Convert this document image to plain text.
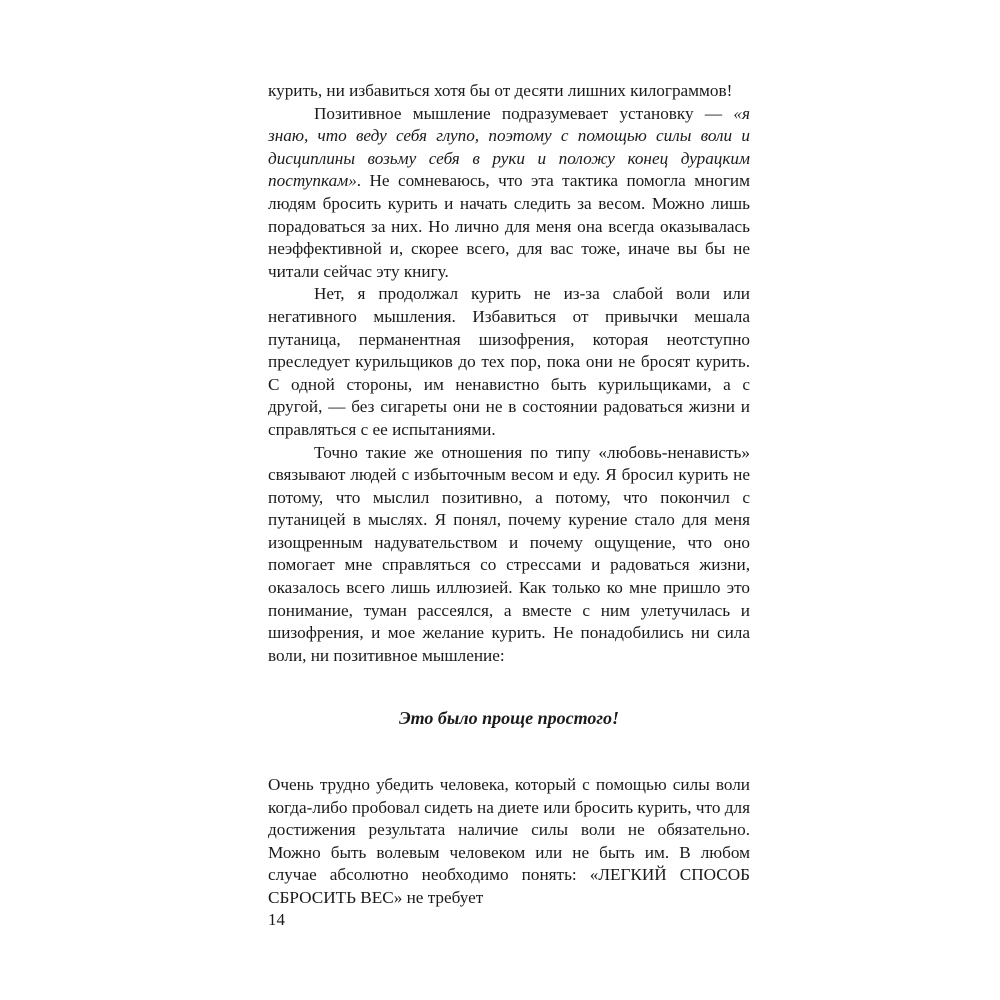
курить, ни избавиться хотя бы от десяти лишних килограммов!

Позитивное мышление подразумевает установку — «я знаю, что веду себя глупо, поэтому с помощью силы воли и дисциплины возьму себя в руки и положу конец дурацким поступкам». Не сомневаюсь, что эта тактика помогла многим людям бросить курить и начать следить за весом. Можно лишь порадоваться за них. Но лично для меня она всегда оказывалась неэффективной и, скорее всего, для вас тоже, иначе вы бы не читали сейчас эту книгу.

Нет, я продолжал курить не из-за слабой воли или негативного мышления. Избавиться от привычки мешала путаница, перманентная шизофрения, которая неотступно преследует курильщиков до тех пор, пока они не бросят курить. С одной стороны, им ненавистно быть курильщиками, а с другой, — без сигареты они не в состоянии радоваться жизни и справляться с ее испытаниями.

Точно такие же отношения по типу «любовь-ненависть» связывают людей с избыточным весом и еду. Я бросил курить не потому, что мыслил позитивно, а потому, что покончил с путаницей в мыслях. Я понял, почему курение стало для меня изощренным надувательством и почему ощущение, что оно помогает мне справляться со стрессами и радоваться жизни, оказалось всего лишь иллюзией. Как только ко мне пришло это понимание, туман рассеялся, а вместе с ним улетучилась и шизофрения, и мое желание курить. Не понадобились ни сила воли, ни позитивное мышление:

Это было проще простого!

Очень трудно убедить человека, который с помощью силы воли когда-либо пробовал сидеть на диете или бросить курить, что для достижения результата наличие силы воли не обязательно. Можно быть волевым человеком или не быть им. В любом случае абсолютно необходимо понять: «ЛЕГКИЙ СПОСОБ СБРОСИТЬ ВЕС» не требует

14
